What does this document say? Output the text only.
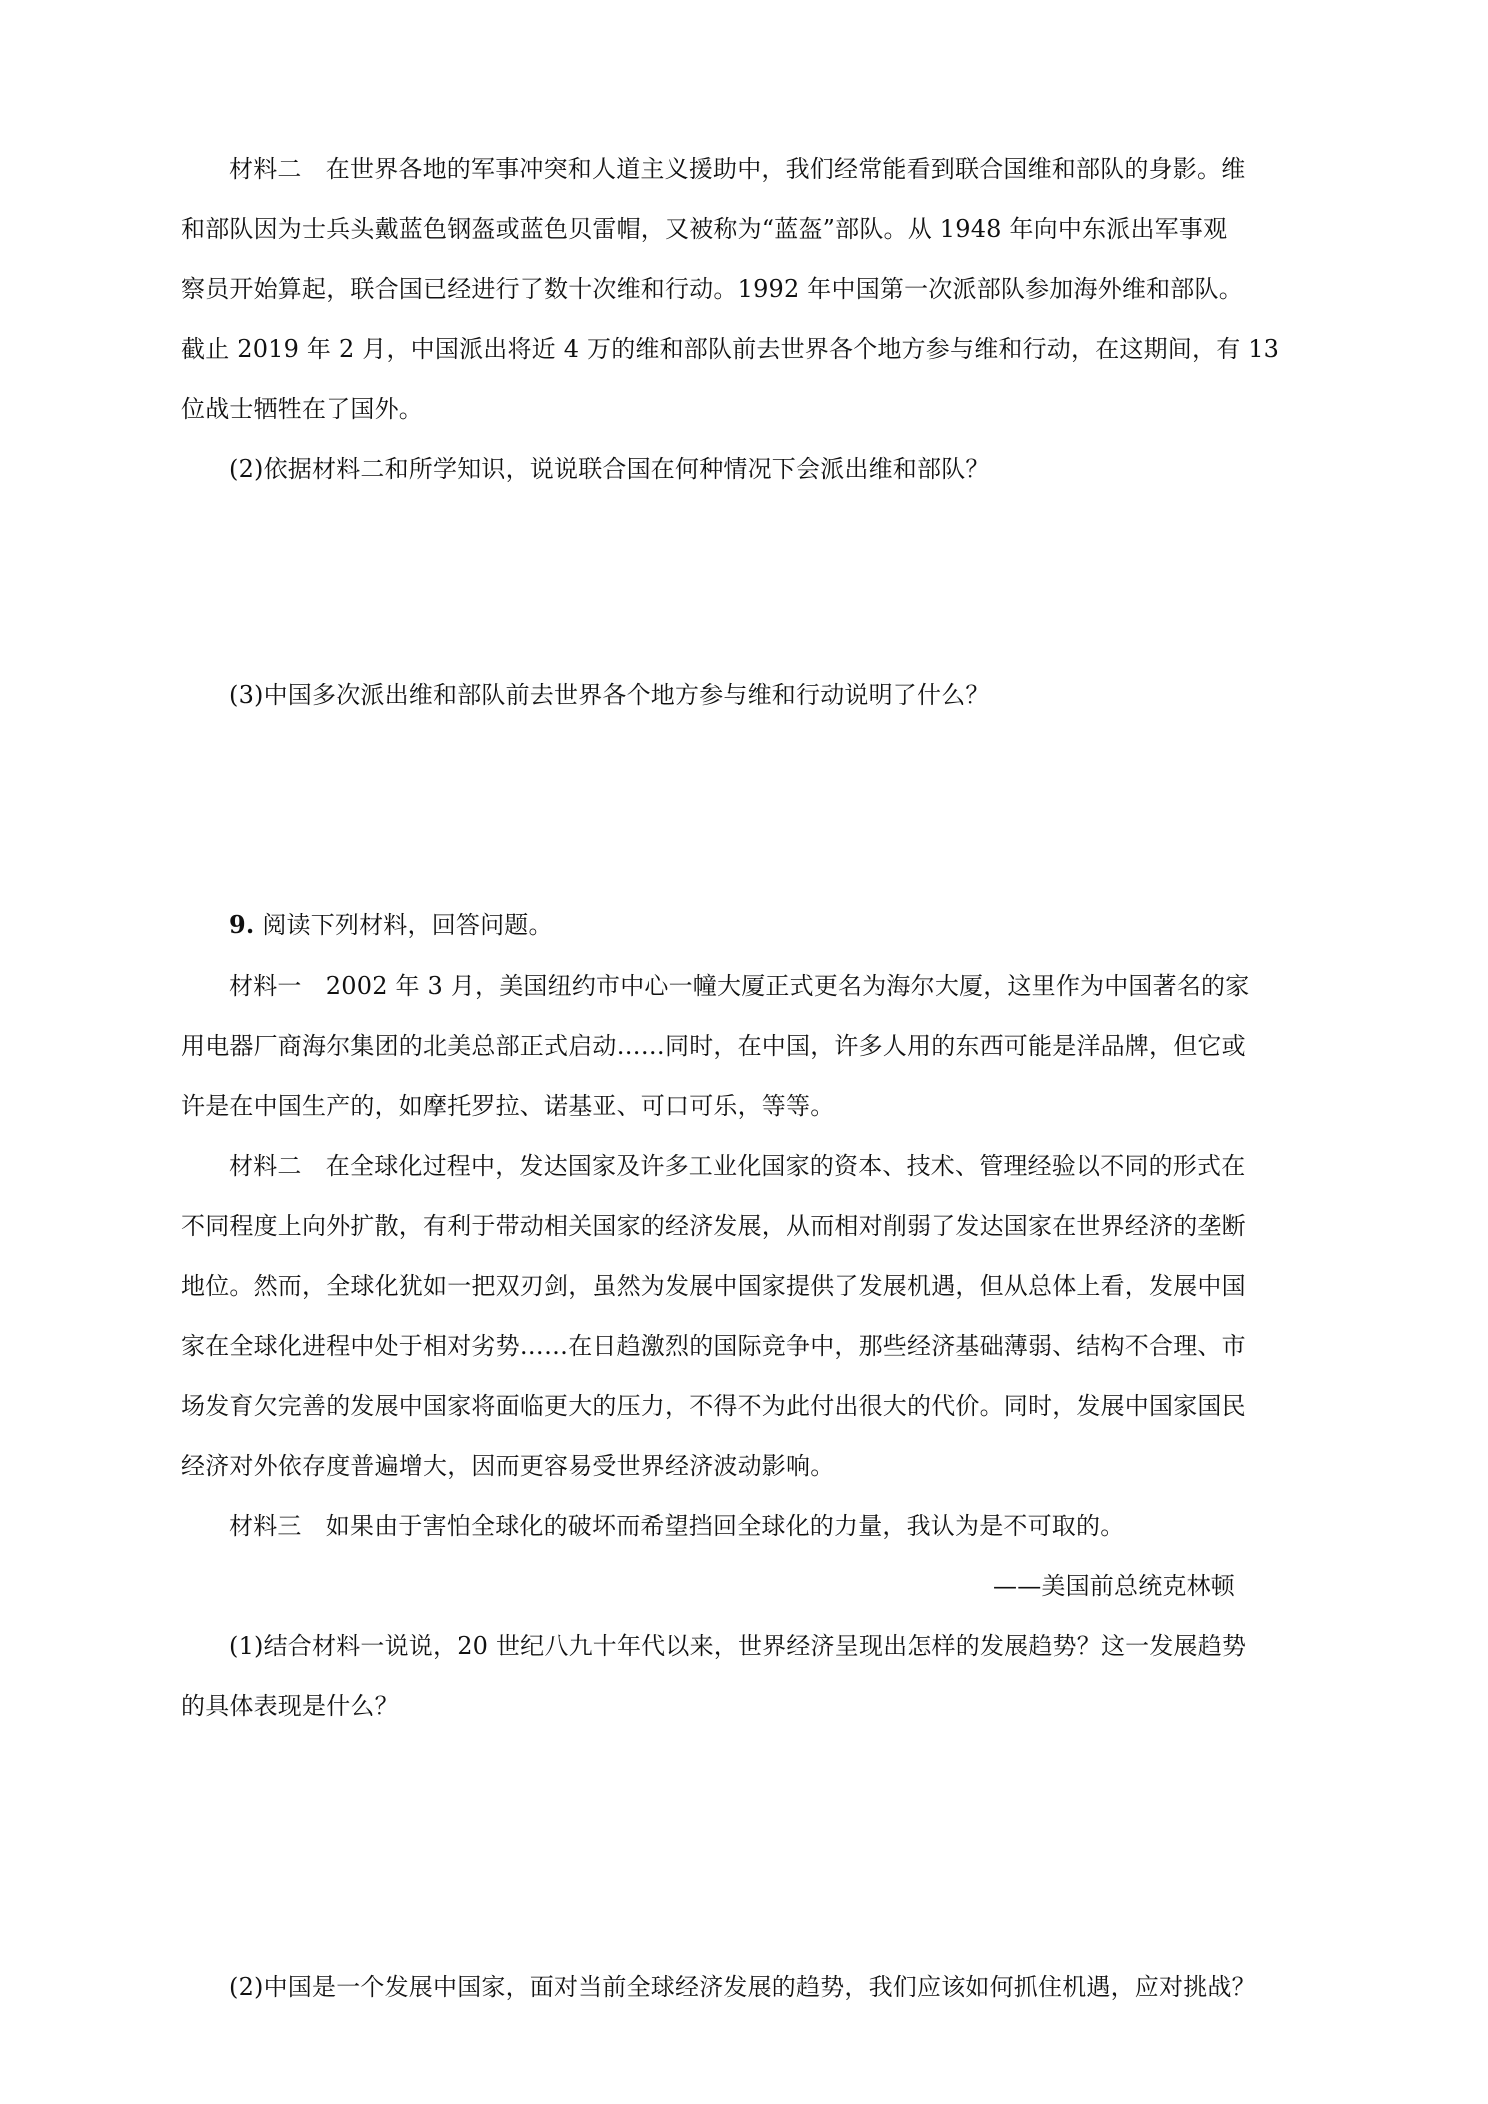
材料二　在世界各地的军事冲突和人道主义援助中，我们经常能看到联合国维和部队的身影。维
和部队因为士兵头戴蓝色钢盔或蓝色贝雷帽，又被称为“蓝盔”部队。从 1948 年向中东派出军事观
察员开始算起，联合国已经进行了数十次维和行动。1992 年中国第一次派部队参加海外维和部队。
截止 2019 年 2 月，中国派出将近 4 万的维和部队前去世界各个地方参与维和行动，在这期间，有 13
位战士牺牲在了国外。
(2)依据材料二和所学知识，说说联合国在何种情况下会派出维和部队？
(3)中国多次派出维和部队前去世界各个地方参与维和行动说明了什么？
9. 阅读下列材料，回答问题。
材料一　2002 年 3 月，美国纽约市中心一幢大厦正式更名为海尔大厦，这里作为中国著名的家
用电器厂商海尔集团的北美总部正式启动……同时，在中国，许多人用的东西可能是洋品牌，但它或
许是在中国生产的，如摩托罗拉、诺基亚、可口可乐，等等。
材料二　在全球化过程中，发达国家及许多工业化国家的资本、技术、管理经验以不同的形式在
不同程度上向外扩散，有利于带动相关国家的经济发展，从而相对削弱了发达国家在世界经济的垄断
地位。然而，全球化犹如一把双刃剑，虽然为发展中国家提供了发展机遇，但从总体上看，发展中国
家在全球化进程中处于相对劣势……在日趋激烈的国际竞争中，那些经济基础薄弱、结构不合理、市
场发育欠完善的发展中国家将面临更大的压力，不得不为此付出很大的代价。同时，发展中国家国民
经济对外依存度普遍增大，因而更容易受世界经济波动影响。
材料三　如果由于害怕全球化的破坏而希望挡回全球化的力量，我认为是不可取的。
——美国前总统克林顿
(1)结合材料一说说，20 世纪八九十年代以来，世界经济呈现出怎样的发展趋势？这一发展趋势
的具体表现是什么？
(2)中国是一个发展中国家，面对当前全球经济发展的趋势，我们应该如何抓住机遇，应对挑战？
